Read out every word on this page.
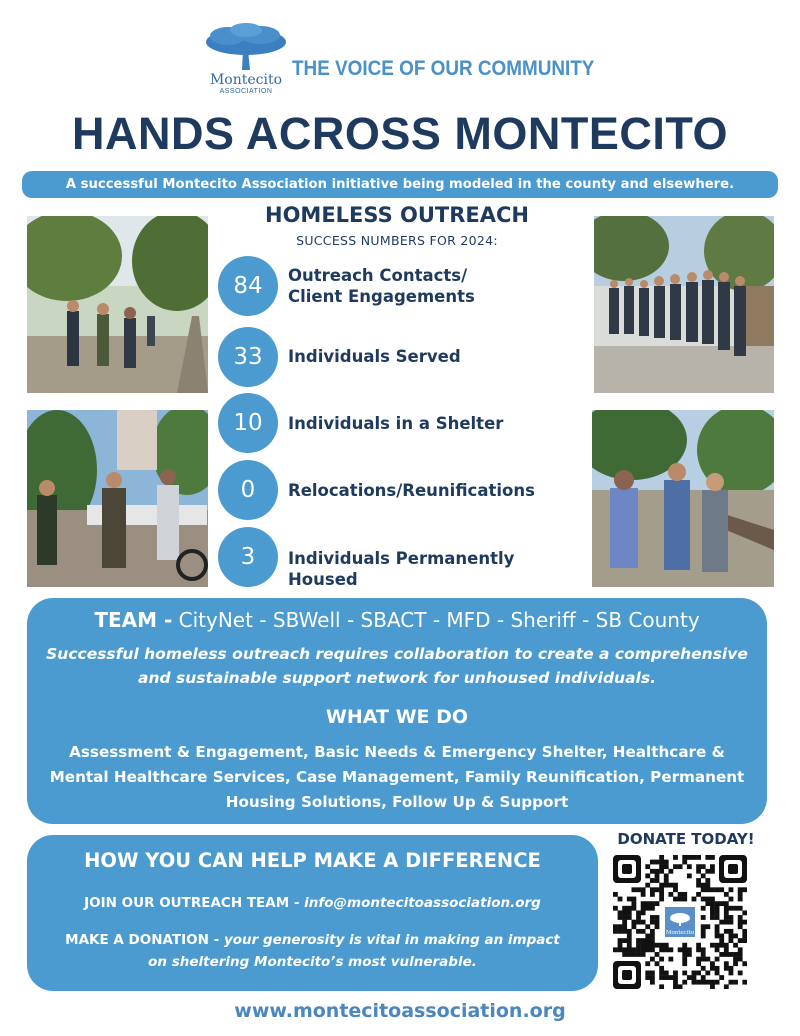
Montecito
ASSOCIATION
THE VOICE OF OUR COMMUNITY
HANDS ACROSS MONTECITO
A successful Montecito Association initiative being modeled in the county and elsewhere.
HOMELESS OUTREACH
SUCCESS NUMBERS FOR 2024:
84	Outreach Contacts/
Client Engagements
33	Individuals Served
10	Individuals in a Shelter
0	Relocations/Reunifications
3	Individuals Permanently
Housed
TEAM - CityNet - SBWell - SBACT - MFD - Sheriff - SB County
Successful homeless outreach requires collaboration to create a comprehensive and sustainable support network for unhoused individuals.
WHAT WE DO
Assessment & Engagement, Basic Needs & Emergency Shelter, Healthcare & Mental Healthcare Services, Case Management, Family Reunification, Permanent Housing Solutions, Follow Up & Support
HOW YOU CAN HELP MAKE A DIFFERENCE
JOIN OUR OUTREACH TEAM - info@montecitoassociation.org
MAKE A DONATION - your generosity is vital in making an impact on sheltering Montecito’s most vulnerable.
DONATE TODAY!
Montecito
www.montecitoassociation.org
